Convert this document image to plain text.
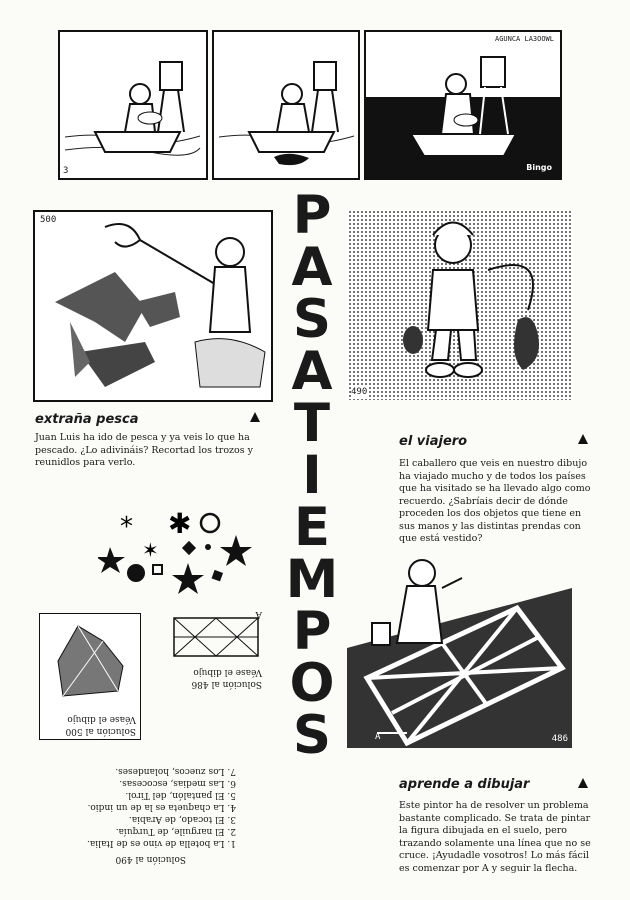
3
AGUNCA LA3OOWL
Bingo
P
A
S
A
T
I
E
M
P
O
S
500
extraña pesca
Juan Luis ha ido de pesca y ya veis lo que ha pescado. ¿Lo adivináis? Recortad los trozos y reunidlos para verlo.
* ✱
✶
490
el viajero
El caballero que veis en nuestro dibujo ha viajado mucho y de todos los países que ha visitado se ha llevado algo como recuerdo. ¿Sabríais decir de dónde proceden los dos objetos que tiene en sus manos y las distintas prendas con que está vestido?
Solución al 490
1. La botella de vino es de Italia.
2. El narguile, de Turquía.
3. El tocado, de Arabia.
4. La chaqueta es la de un indio.
5. El pantalón, del Tirol.
6. Las medias, escocesas.
7. Los zuecos, holandeses.
Solución al 500
Véase el dibujo
Solución al 486
Véase el dibujo
A
486
A
aprende a dibujar
Este pintor ha de resolver un problema bastante complicado. Se trata de pintar la figura dibujada en el suelo, pero trazando solamente una línea que no se cruce. ¡Ayudadle vosotros! Lo más fácil es comenzar por A y seguir la flecha.
